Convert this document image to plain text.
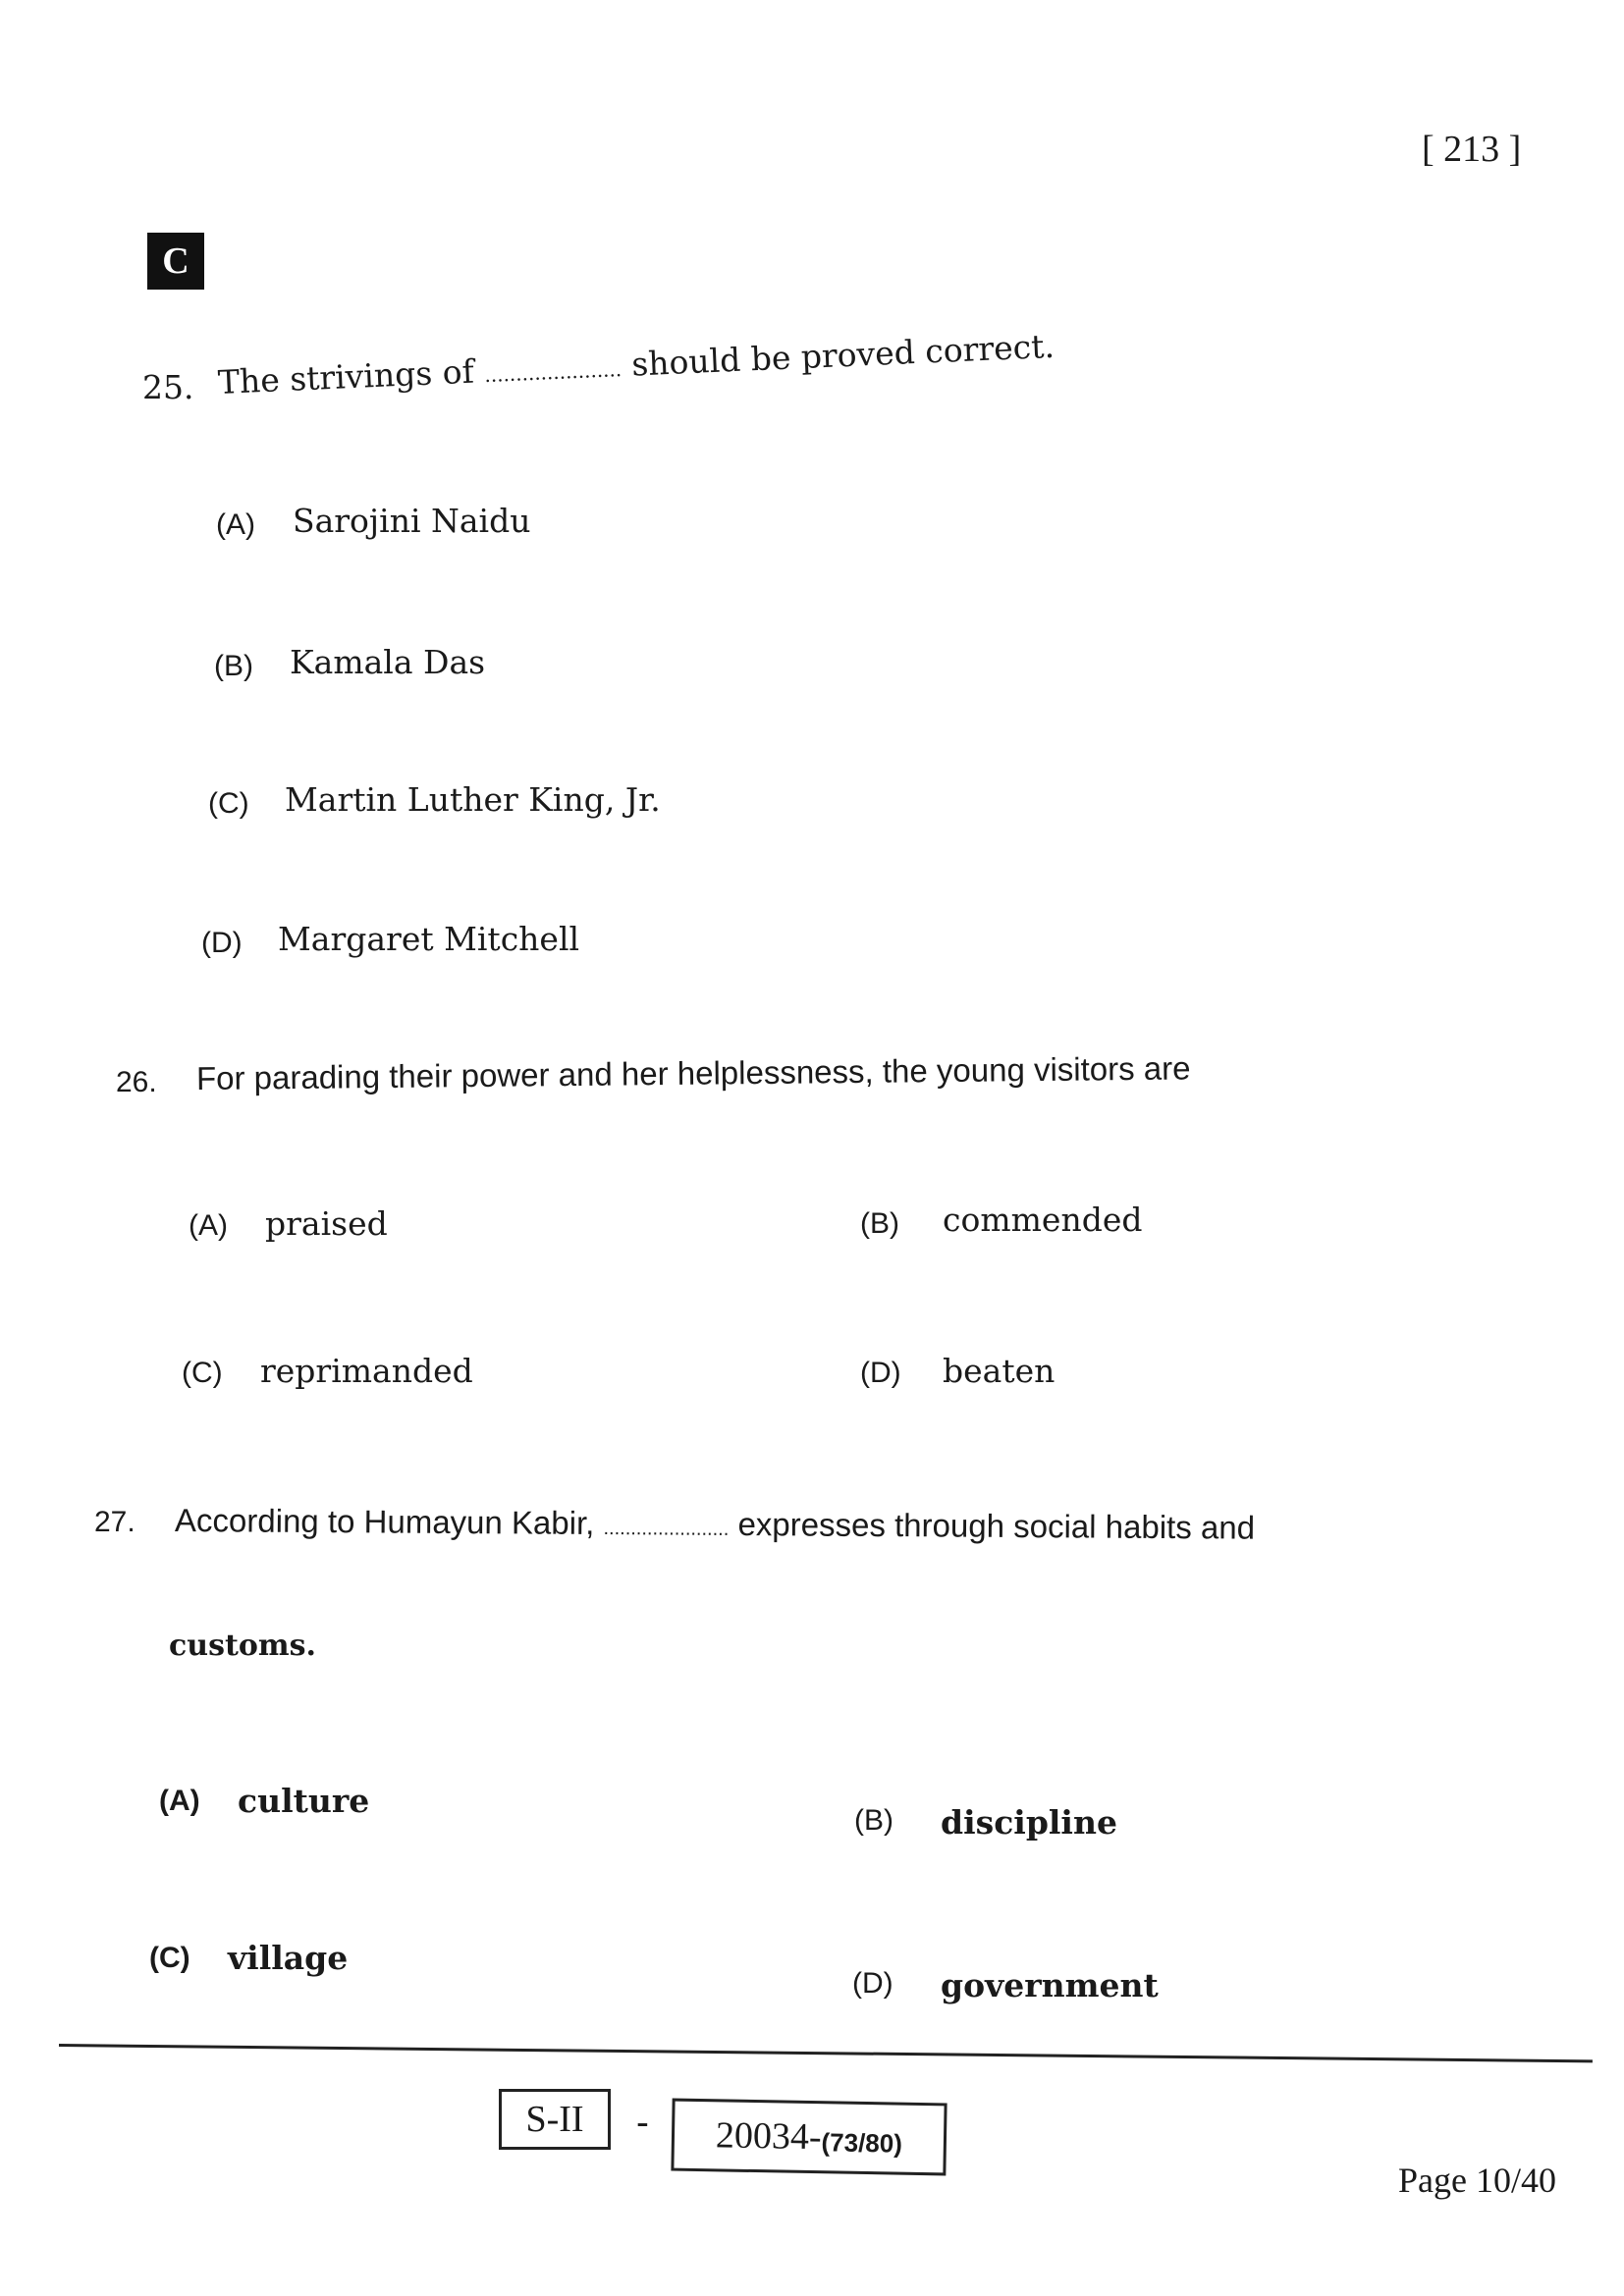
[ 213 ]
C
25. The strivings of ...................... should be proved correct.
(A) Sarojini Naidu
(B) Kamala Das
(C) Martin Luther King, Jr.
(D) Margaret Mitchell
26. For parading their power and her helplessness, the young visitors are
(A) praised	(B) commended
(C) reprimanded	(D) beaten
27. According to Humayun Kabir, ....................... expresses through social habits and
customs.
(A) culture
(B) discipline
(C) village
(D) government
S-II	- 20034- (73/80)
Page 10/40
